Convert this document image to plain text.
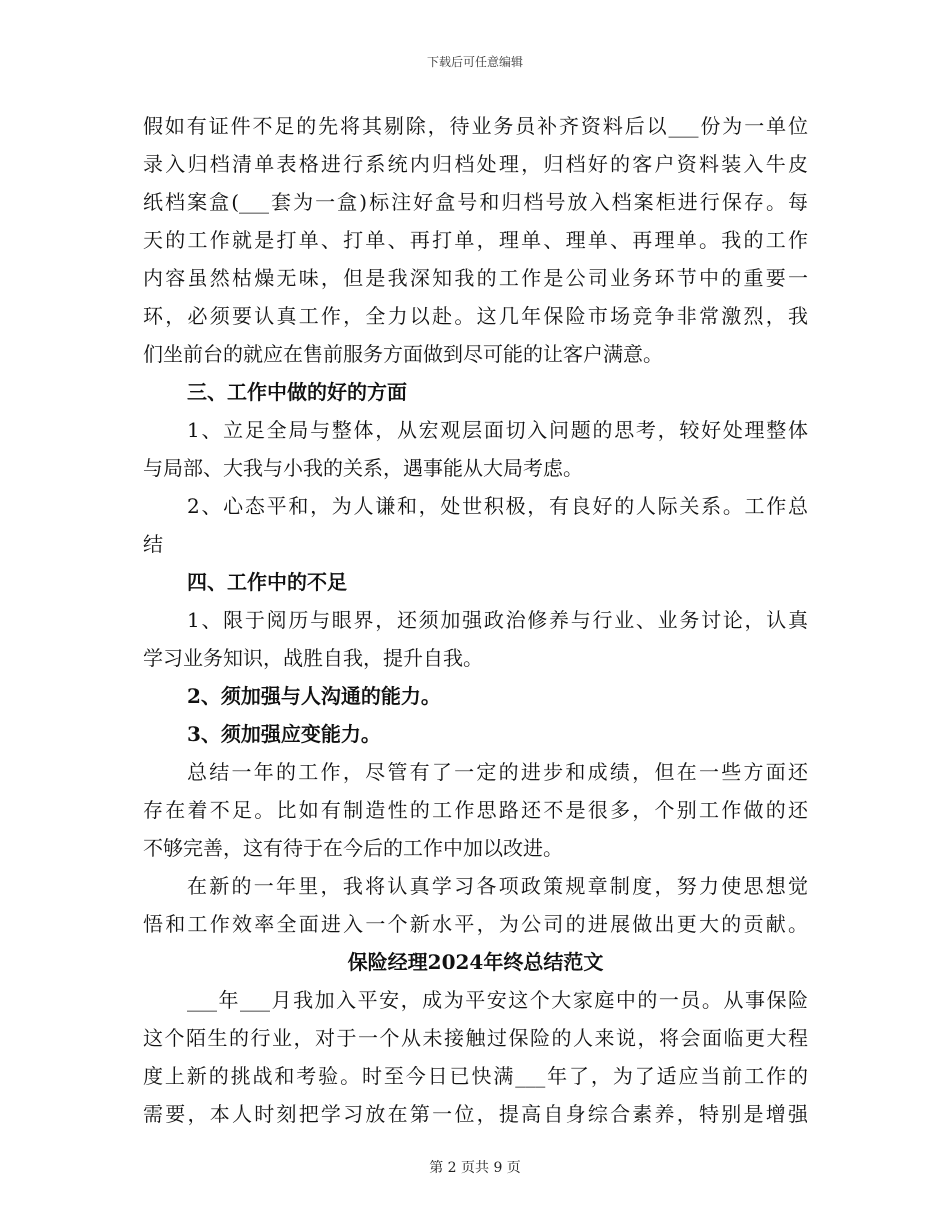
下载后可任意编辑
假如有证件不足的先将其剔除，待业务员补齐资料后以___份为一单位
录入归档清单表格进行系统内归档处理，归档好的客户资料装入牛皮
纸档案盒(___套为一盒)标注好盒号和归档号放入档案柜进行保存。每
天的工作就是打单、打单、再打单，理单、理单、再理单。我的工作
内容虽然枯燥无味，但是我深知我的工作是公司业务环节中的重要一
环，必须要认真工作，全力以赴。这几年保险市场竞争非常激烈，我
们坐前台的就应在售前服务方面做到尽可能的让客户满意。
三、工作中做的好的方面
1、立足全局与整体，从宏观层面切入问题的思考，较好处理整体
与局部、大我与小我的关系，遇事能从大局考虑。
2、心态平和，为人谦和，处世积极，有良好的人际关系。工作总
结
四、工作中的不足
1、限于阅历与眼界，还须加强政治修养与行业、业务讨论，认真
学习业务知识，战胜自我，提升自我。
2、须加强与人沟通的能力。
3、须加强应变能力。
总结一年的工作，尽管有了一定的进步和成绩，但在一些方面还
存在着不足。比如有制造性的工作思路还不是很多，个别工作做的还
不够完善，这有待于在今后的工作中加以改进。
在新的一年里，我将认真学习各项政策规章制度，努力使思想觉
悟和工作效率全面进入一个新水平，为公司的进展做出更大的贡献。
保险经理2024年终总结范文
___年___月我加入平安，成为平安这个大家庭中的一员。从事保险
这个陌生的行业，对于一个从未接触过保险的人来说，将会面临更大程
度上新的挑战和考验。时至今日已快满___年了，为了适应当前工作的
需要，本人时刻把学习放在第一位，提高自身综合素养，特别是增强
第 2 页共 9 页
